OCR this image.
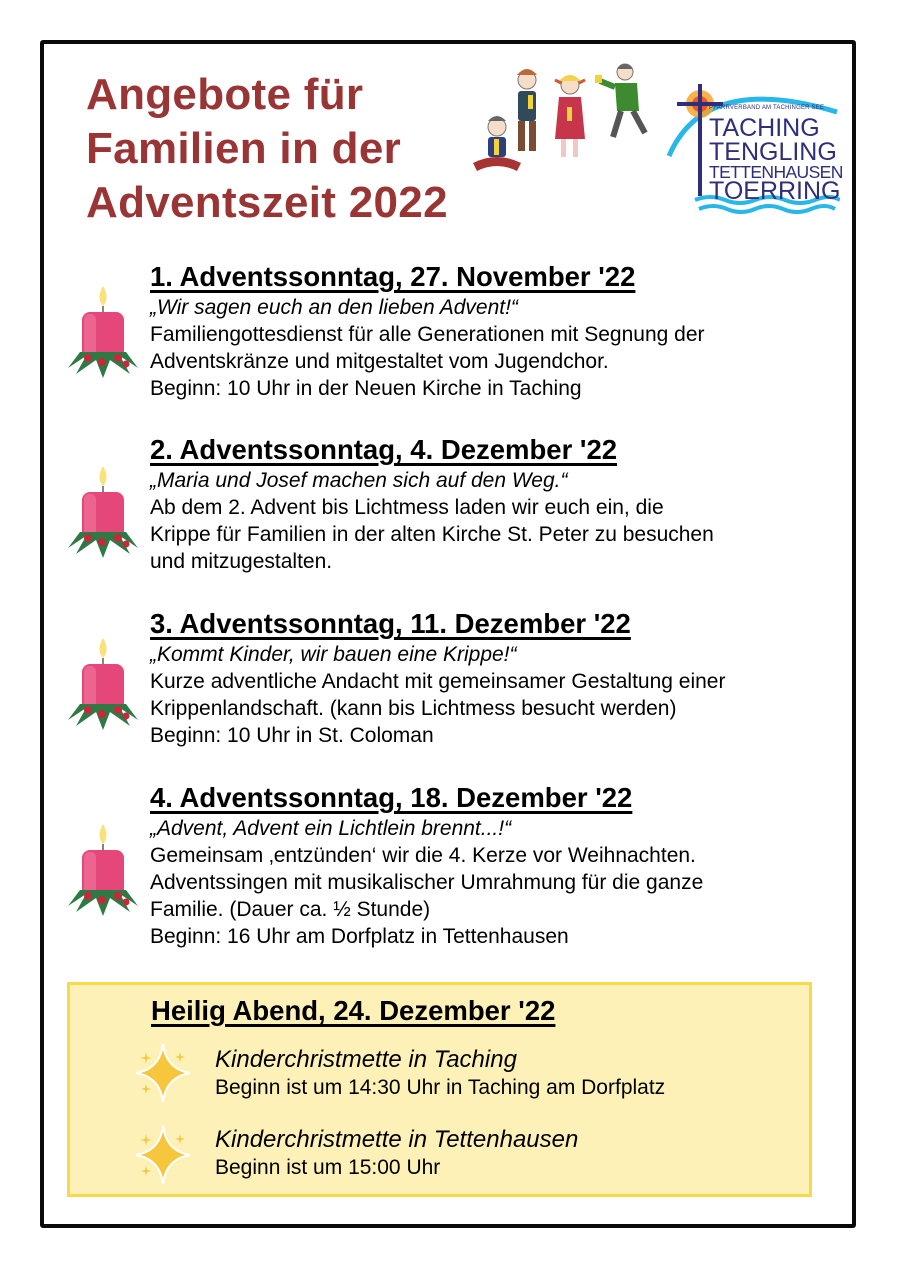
Angebote für
Familien in der
Adventszeit 2022
PFARRVERBAND AM TACHINGER SEE
TACHING
TENGLING
TETTENHAUSEN
TOERRING
1. Adventssonntag, 27. November '22
„Wir sagen euch an den lieben Advent!“
Familiengottesdienst für alle Generationen mit Segnung der
Adventskränze und mitgestaltet vom Jugendchor.
Beginn: 10 Uhr in der Neuen Kirche in Taching
2. Adventssonntag, 4. Dezember '22
„Maria und Josef machen sich auf den Weg.“
Ab dem 2. Advent bis Lichtmess laden wir euch ein, die
Krippe für Familien in der alten Kirche St. Peter zu besuchen
und mitzugestalten.
3. Adventssonntag, 11. Dezember '22
„Kommt Kinder, wir bauen eine Krippe!“
Kurze adventliche Andacht mit gemeinsamer Gestaltung einer
Krippenlandschaft. (kann bis Lichtmess besucht werden)
Beginn: 10 Uhr in St. Coloman
4. Adventssonntag, 18. Dezember '22
„Advent, Advent ein Lichtlein brennt...!“
Gemeinsam ‚entzünden‘ wir die 4. Kerze vor Weihnachten.
Adventssingen mit musikalischer Umrahmung für die ganze
Familie. (Dauer ca. ½ Stunde)
Beginn: 16 Uhr am Dorfplatz in Tettenhausen
Heilig Abend, 24. Dezember '22
Kinderchristmette in Taching
Beginn ist um 14:30 Uhr in Taching am Dorfplatz
Kinderchristmette in Tettenhausen
Beginn ist um 15:00 Uhr
